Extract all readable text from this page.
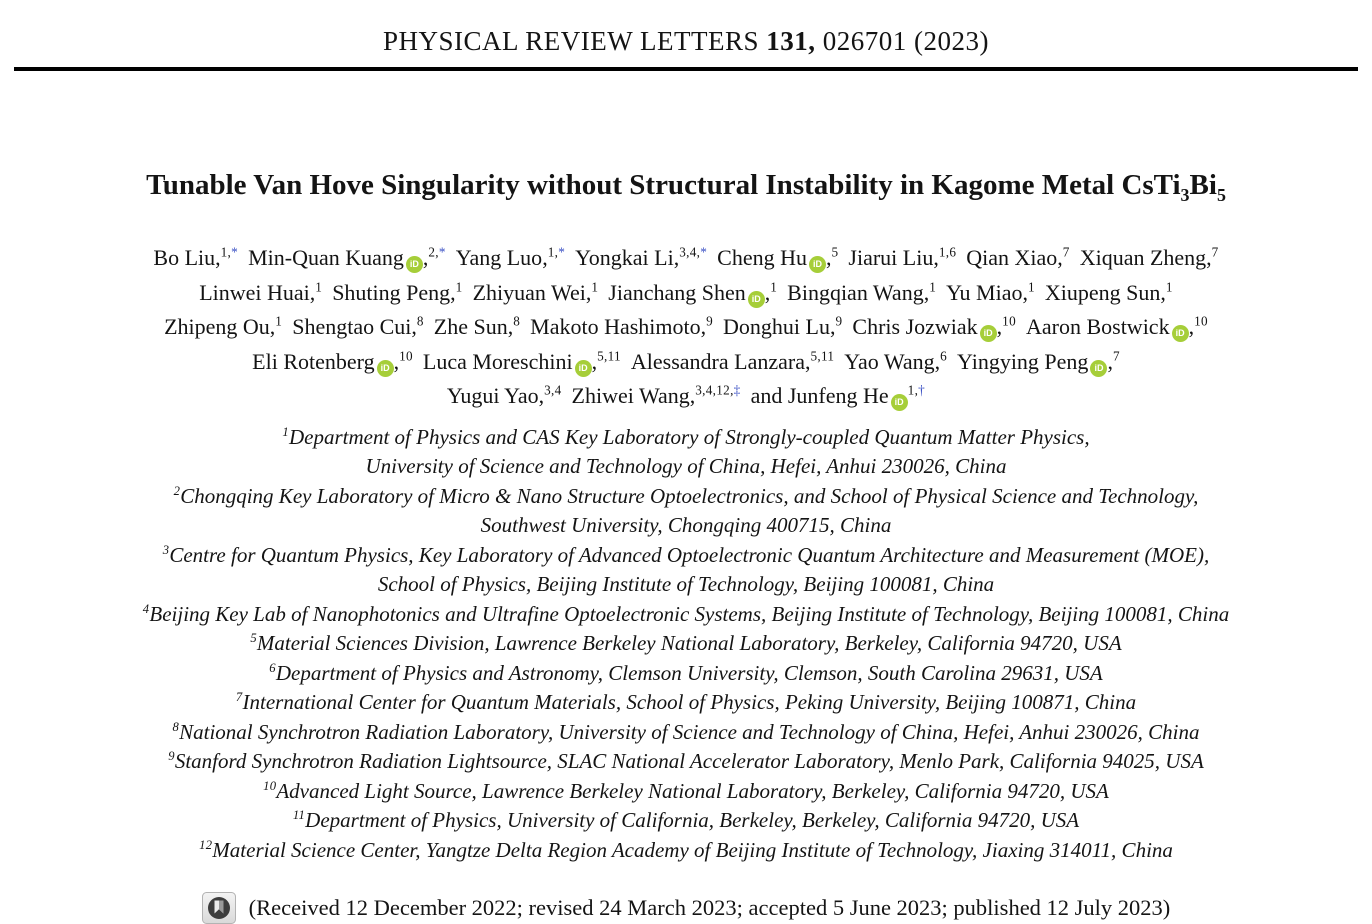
PHYSICAL REVIEW LETTERS 131, 026701 (2023)
Tunable Van Hove Singularity without Structural Instability in Kagome Metal $CsTi_3Bi_5$
Bo Liu,$^{1,*}$ Min-Quan Kuang iD ,$^{2,*}$ Yang Luo,$^{1,*}$ Yongkai Li,$^{3,4,*}$ Cheng Hu iD ,$^5$ Jiarui Liu,$^{1,6}$ Qian Xiao,$^7$ Xiquan Zheng,$^7$
Linwei Huai,$^1$ Shuting Peng,$^1$ Zhiyuan Wei,$^1$ Jianchang Shen iD ,$^1$ Bingqian Wang,$^1$ Yu Miao,$^1$ Xiupeng Sun,$^1$
Zhipeng Ou,$^1$ Shengtao Cui,$^8$ Zhe Sun,$^8$ Makoto Hashimoto,$^9$ Donghui Lu,$^9$ Chris Jozwiak iD ,$^{10}$ Aaron Bostwick iD ,$^{10}$
Eli Rotenberg iD ,$^{10}$ Luca Moreschini iD ,$^{5,11}$ Alessandra Lanzara,$^{5,11}$ Yao Wang,$^6$ Yingying Peng iD ,$^7$
Yugui Yao,$^{3,4}$ Zhiwei Wang,$^{3,4,12,\ddagger}$ and Junfeng He $iD^{1,\dagger}$
$^1$Department of Physics and CAS Key Laboratory of Strongly-coupled Quantum Matter Physics,
University of Science and Technology of China, Hefei, Anhui 230026, China
$^2$Chongqing Key Laboratory of Micro & Nano Structure Optoelectronics, and School of Physical Science and Technology,
Southwest University, Chongqing 400715, China
$^3$Centre for Quantum Physics, Key Laboratory of Advanced Optoelectronic Quantum Architecture and Measurement (MOE),
School of Physics, Beijing Institute of Technology, Beijing 100081, China
$^4$Beijing Key Lab of Nanophotonics and Ultrafine Optoelectronic Systems, Beijing Institute of Technology, Beijing 100081, China
$^5$Material Sciences Division, Lawrence Berkeley National Laboratory, Berkeley, California 94720, USA
$^6$Department of Physics and Astronomy, Clemson University, Clemson, South Carolina 29631, USA
$^7$International Center for Quantum Materials, School of Physics, Peking University, Beijing 100871, China
$^8$National Synchrotron Radiation Laboratory, University of Science and Technology of China, Hefei, Anhui 230026, China
$^9$Stanford Synchrotron Radiation Lightsource, SLAC National Accelerator Laboratory, Menlo Park, California 94025, USA
$^{10}$Advanced Light Source, Lawrence Berkeley National Laboratory, Berkeley, California 94720, USA
$^{11}$Department of Physics, University of California, Berkeley, Berkeley, California 94720, USA
$^{12}$Material Science Center, Yangtze Delta Region Academy of Beijing Institute of Technology, Jiaxing 314011, China
(Received 12 December 2022; revised 24 March 2023; accepted 5 June 2023; published 12 July 2023)
